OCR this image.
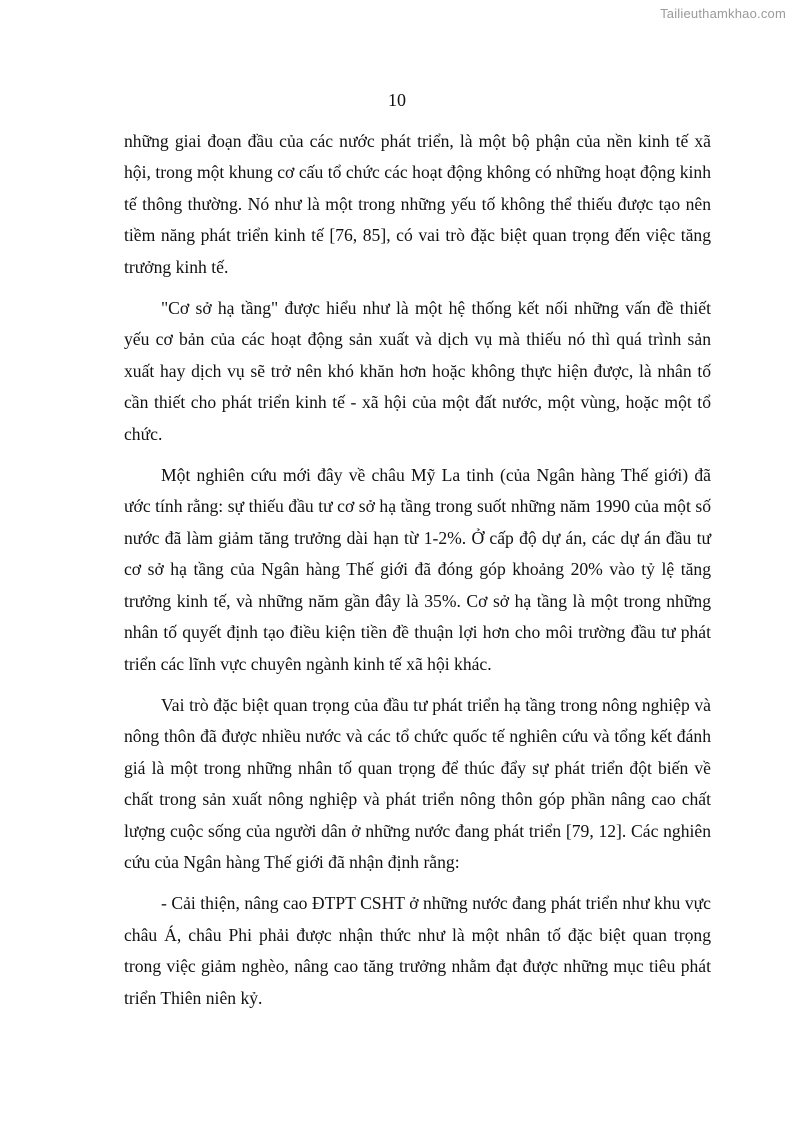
Tailieuthamkhao.com
10

những giai đoạn đầu của các nước phát triển, là một bộ phận của nền kinh tế xã hội, trong một khung cơ cấu tổ chức các hoạt động không có những hoạt động kinh tế thông thường. Nó như là một trong những yếu tố không thể thiếu được tạo nên tiềm năng phát triển kinh tế [76, 85], có vai trò đặc biệt quan trọng đến việc tăng trưởng kinh tế.

"Cơ sở hạ tầng" được hiểu như là một hệ thống kết nối những vấn đề thiết yếu cơ bản của các hoạt động sản xuất và dịch vụ mà thiếu nó thì quá trình sản xuất hay dịch vụ sẽ trở nên khó khăn hơn hoặc không thực hiện được, là nhân tố cần thiết cho phát triển kinh tế - xã hội của một đất nước, một vùng, hoặc một tổ chức.

Một nghiên cứu mới đây về châu Mỹ La tinh (của Ngân hàng Thế giới) đã ước tính rằng: sự thiếu đầu tư cơ sở hạ tầng trong suốt những năm 1990 của một số nước đã làm giảm tăng trưởng dài hạn từ 1-2%. Ở cấp độ dự án, các dự án đầu tư cơ sở hạ tầng của Ngân hàng Thế giới đã đóng góp khoảng 20% vào tỷ lệ tăng trưởng kinh tế, và những năm gần đây là 35%. Cơ sở hạ tầng là một trong những nhân tố quyết định tạo điều kiện tiền đề thuận lợi hơn cho môi trường đầu tư phát triển các lĩnh vực chuyên ngành kinh tế xã hội khác.

Vai trò đặc biệt quan trọng của đầu tư phát triển hạ tầng trong nông nghiệp và nông thôn đã được nhiều nước và các tổ chức quốc tế nghiên cứu và tổng kết đánh giá là một trong những nhân tố quan trọng để thúc đẩy sự phát triển đột biến về chất trong sản xuất nông nghiệp và phát triển nông thôn góp phần nâng cao chất lượng cuộc sống của người dân ở những nước đang phát triển [79, 12]. Các nghiên cứu của Ngân hàng Thế giới đã nhận định rằng:

- Cải thiện, nâng cao ĐTPT CSHT ở những nước đang phát triển như khu vực châu Á, châu Phi phải được nhận thức như là một nhân tố đặc biệt quan trọng trong việc giảm nghèo, nâng cao tăng trưởng nhằm đạt được những mục tiêu phát triển Thiên niên kỷ.
